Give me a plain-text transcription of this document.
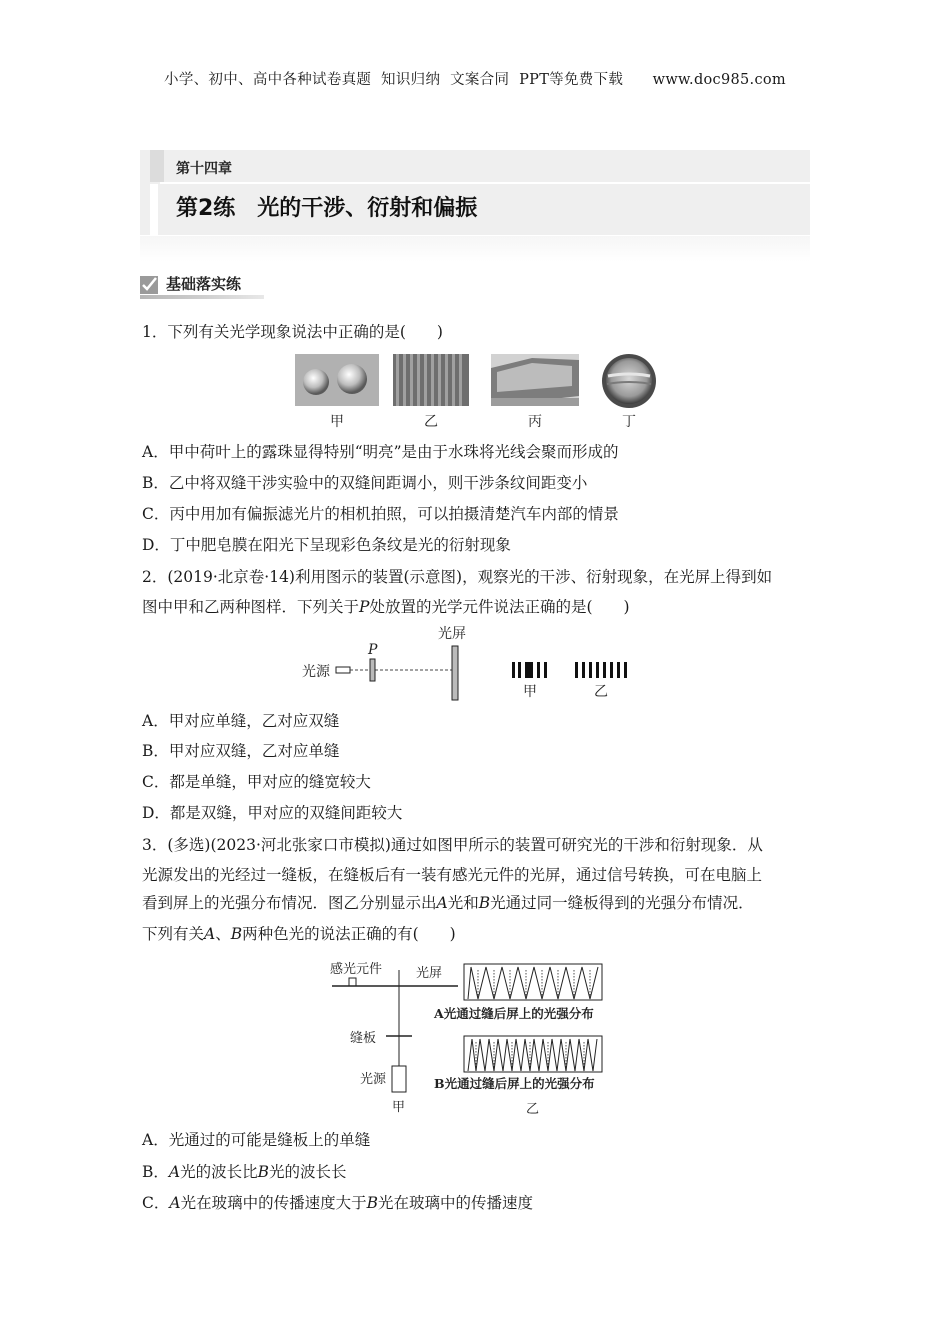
小学、初中、高中各种试卷真题  知识归纳  文案合同  PPT等免费下载      www.doc985.com
第十四章
第2练　光的干涉、衍射和偏振
基础落实练
1．下列有关光学现象说法中正确的是(　　)
甲	乙	丙	丁
A．甲中荷叶上的露珠显得特别“明亮”是由于水珠将光线会聚而形成的
B．乙中将双缝干涉实验中的双缝间距调小，则干涉条纹间距变小
C．丙中用加有偏振滤光片的相机拍照，可以拍摄清楚汽车内部的情景
D．丁中肥皂膜在阳光下呈现彩色条纹是光的衍射现象
2．(2019·北京卷·14)利用图示的装置(示意图)，观察光的干涉、衍射现象，在光屏上得到如
图中甲和乙两种图样．下列关于P处放置的光学元件说法正确的是(　　)
光源
P
光屏
甲	乙
A．甲对应单缝，乙对应双缝
B．甲对应双缝，乙对应单缝
C．都是单缝，甲对应的缝宽较大
D．都是双缝，甲对应的双缝间距较大
3．(多选)(2023·河北张家口市模拟)通过如图甲所示的装置可研究光的干涉和衍射现象．从
光源发出的光经过一缝板，在缝板后有一装有感光元件的光屏，通过信号转换，可在电脑上
看到屏上的光强分布情况．图乙分别显示出A光和B光通过同一缝板得到的光强分布情况．
下列有关A、B两种色光的说法正确的有(　　)
感光元件	光屏
缝板
光源
甲
A光通过缝后屏上的光强分布
B光通过缝后屏上的光强分布
乙
A．光通过的可能是缝板上的单缝
B．A光的波长比B光的波长长
C．A光在玻璃中的传播速度大于B光在玻璃中的传播速度
